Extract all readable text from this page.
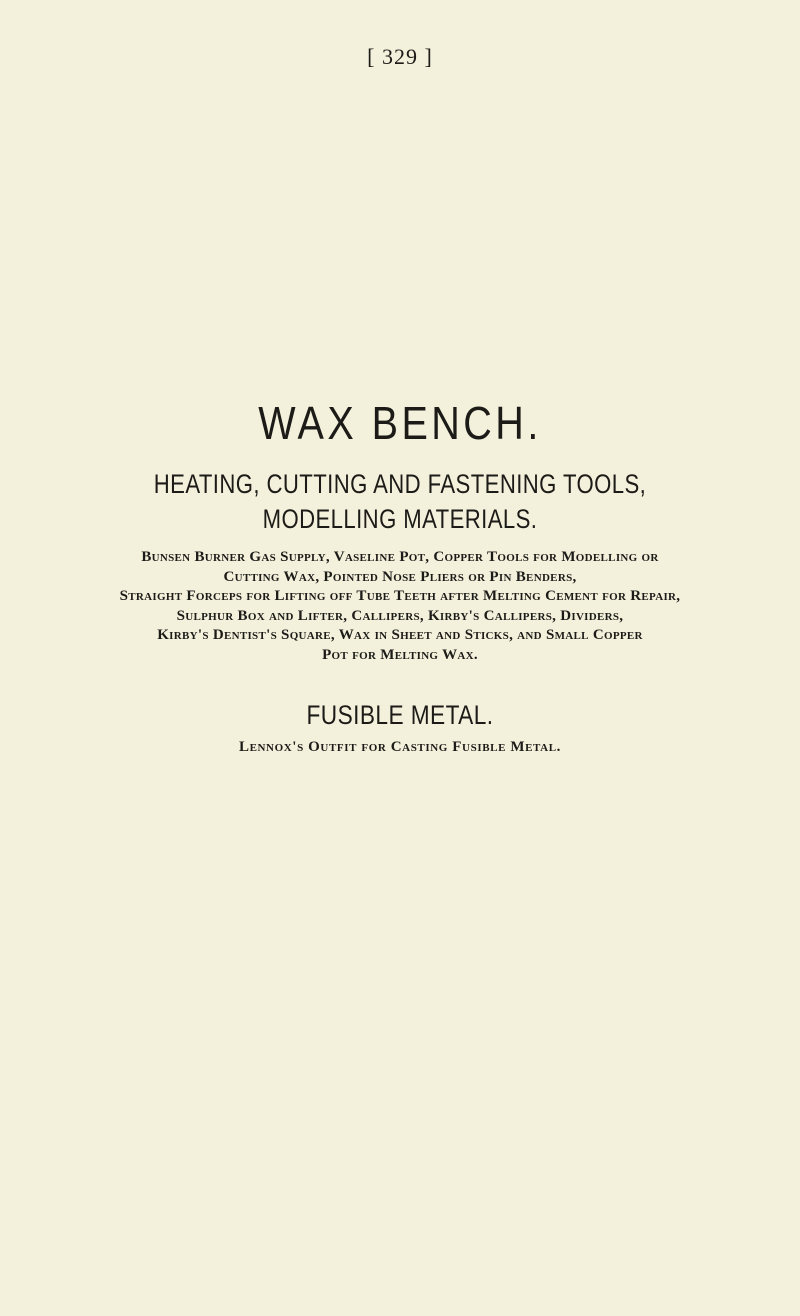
[ 329 ]
WAX BENCH.
HEATING, CUTTING AND FASTENING TOOLS,
MODELLING MATERIALS.
Bunsen Burner Gas Supply, Vaseline Pot, Copper Tools for Modelling or
Cutting Wax, Pointed Nose Pliers or Pin Benders,
Straight Forceps for Lifting off Tube Teeth after Melting Cement for Repair,
Sulphur Box and Lifter, Callipers, Kirby's Callipers, Dividers,
Kirby's Dentist's Square, Wax in Sheet and Sticks, and Small Copper
Pot for Melting Wax.
FUSIBLE METAL.
Lennox's Outfit for Casting Fusible Metal.
